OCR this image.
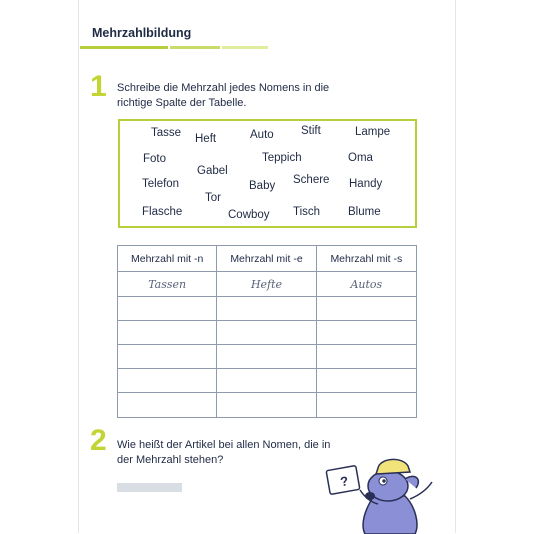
Mehrzahlbildung
1 Schreibe die Mehrzahl jedes Nomens in die richtige Spalte der Tabelle.
Tasse Heft	Auto Stift	Lampe
Foto
Gabel
Teppich	Oma
Telefon	Baby Schere Handy
Tor
Flasche	Cowboy Tisch Blume
Mehrzahl mit -n	Mehrzahl mit -e	Mehrzahl mit -s
Tassen	Hefte	Autos
2 Wie heißt der Artikel bei allen Nomen, die in der Mehrzahl stehen?
?
